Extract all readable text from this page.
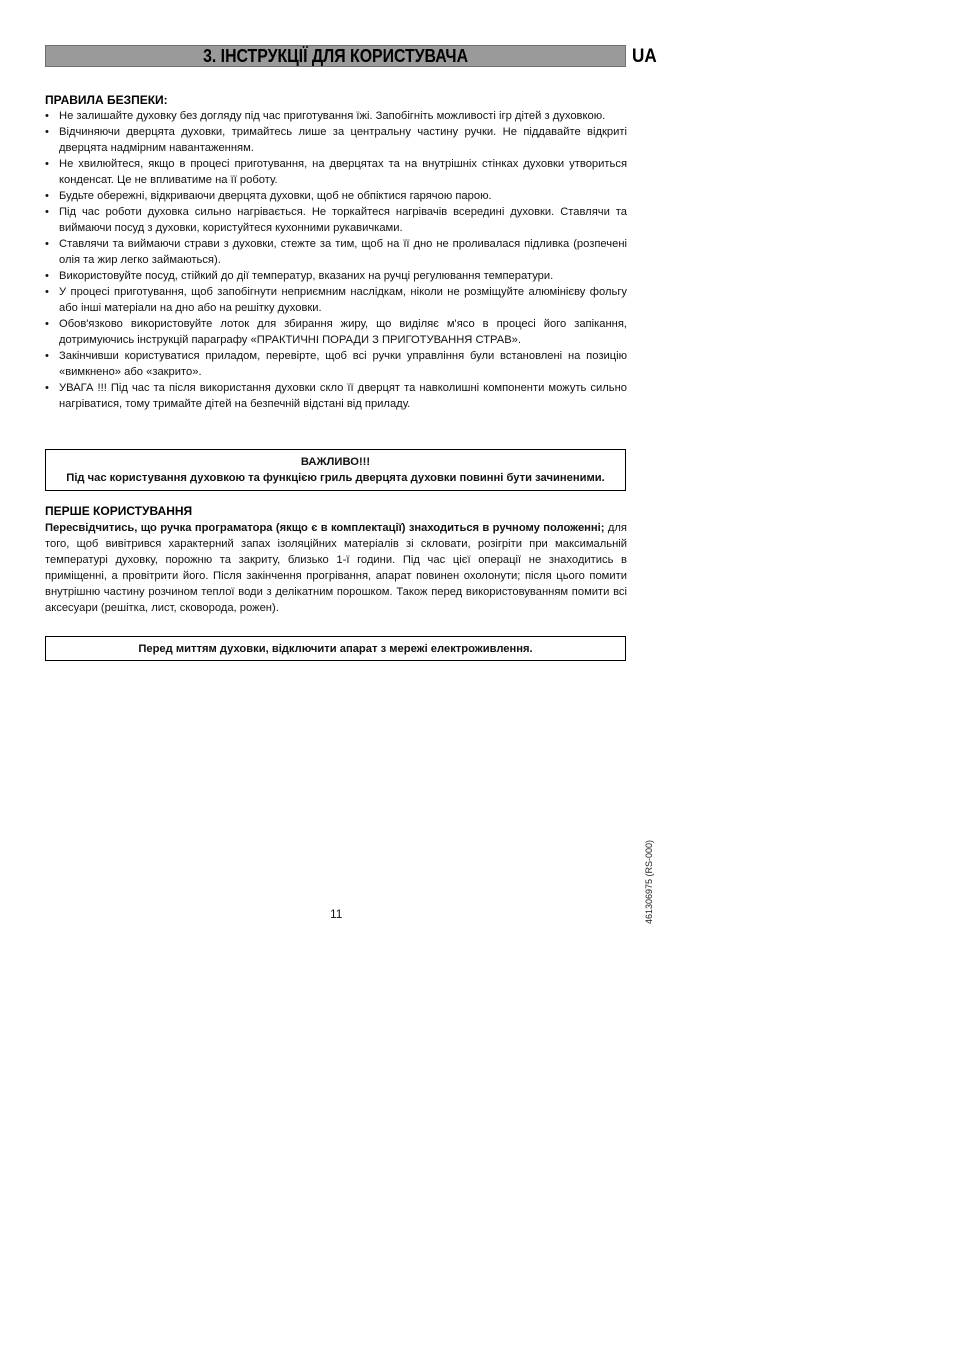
3. ІНСТРУКЦІЇ ДЛЯ КОРИСТУВАЧА	UA
ПРАВИЛА БЕЗПЕКИ:
• Не залишайте духовку без догляду під час приготування їжі. Запобігніть можливості ігр дітей з духовкою.
• Відчиняючи дверцята духовки, тримайтесь лише за центральну частину ручки. Не піддавайте відкриті дверцята надмірним навантаженням.
• Не хвилюйтеся, якщо в процесі приготування, на дверцятах та на внутрішніх стінках духовки утвориться конденсат. Це не впливатиме на її роботу.
• Будьте обережні, відкриваючи дверцята духовки, щоб не обпіктися гарячою парою.
• Під час роботи духовка сильно нагрівається. Не торкайтеся нагрівачів всередині духовки. Ставлячи та виймаючи посуд з духовки, користуйтеся кухонними рукавичками.
• Ставлячи та виймаючи страви з духовки, стежте за тим, щоб на її дно не проливалася підливка (розпечені олія та жир легко займаються).
• Використовуйте посуд, стійкий до дії температур, вказаних на ручці регулювання температури.
• У процесі приготування, щоб запобігнути неприємним наслідкам, ніколи не розміщуйте алюмінієву фольгу або інші матеріали на дно або на решітку духовки.
• Обов'язково використовуйте лоток для збирання жиру, що виділяє м'ясо в процесі його запікання, дотримуючись інструкцій параграфу «ПРАКТИЧНІ ПОРАДИ З ПРИГОТУВАННЯ СТРАВ».
• Закінчивши користуватися приладом, перевірте, щоб всі ручки управління були встановлені на позицію «вимкнено» або «закрито».
• УВАГА !!! Під час та після використання духовки скло її дверцят та навколишні компоненти можуть сильно нагріватися, тому тримайте дітей на безпечній відстані від приладу.
ВАЖЛИВО!!!
Під час користування духовкою та функцією гриль дверцята духовки повинні бути зачиненими.
ПЕРШЕ КОРИСТУВАННЯ

Пересвідчитись, що ручка програматора (якщо є в комплектації) знаходиться в ручному положенні; для того, щоб вивітрився характерний запах ізоляційних матеріалів зі скловати, розігріти при максимальній температурі духовку, порожню та закриту, близько 1-ї години. Під час цієї операції не знаходитись в приміщенні, а провітрити його. Після закінчення прогрівання, апарат повинен охолонути; після цього помити внутрішню частину розчином теплої води з делікатним порошком. Також перед використовуванням помити всі аксесуари (решітка, лист, сковорода, рожен).

Перед миттям духовки, відключити апарат з мережі електроживлення.
11	461306975 (RS-000)
